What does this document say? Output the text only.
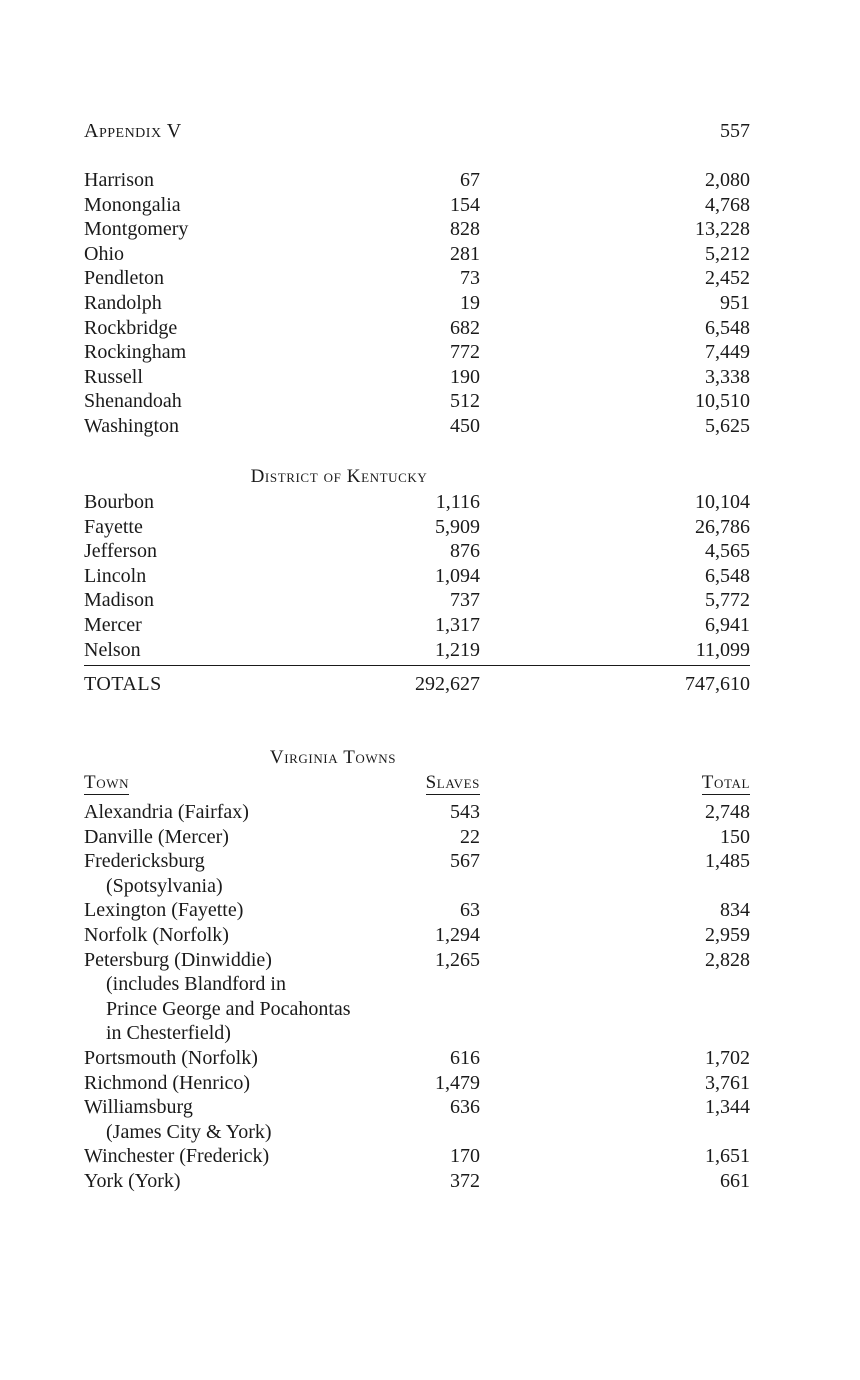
Appendix V	557
Harrison	67	2,080
Monongalia	154	4,768
Montgomery	828	13,228
Ohio	281	5,212
Pendleton	73	2,452
Randolph	19	951
Rockbridge	682	6,548
Rockingham	772	7,449
Russell	190	3,338
Shenandoah	512	10,510
Washington	450	5,625
District of Kentucky
Bourbon	1,116	10,104
Fayette	5,909	26,786
Jefferson	876	4,565
Lincoln	1,094	6,548
Madison	737	5,772
Mercer	1,317	6,941
Nelson	1,219	11,099
TOTALS	292,627	747,610
Virginia Towns
Town	Slaves	Total
Alexandria (Fairfax)	543	2,748
Danville (Mercer)	22	150
Fredericksburg	567	1,485
(Spotsylvania)
Lexington (Fayette)	63	834
Norfolk (Norfolk)	1,294	2,959
Petersburg (Dinwiddie)	1,265	2,828
(includes Blandford in
Prince George and Pocahontas
in Chesterfield)
Portsmouth (Norfolk)	616	1,702
Richmond (Henrico)	1,479	3,761
Williamsburg	636	1,344
(James City & York)
Winchester (Frederick)	170	1,651
York (York)	372	661
